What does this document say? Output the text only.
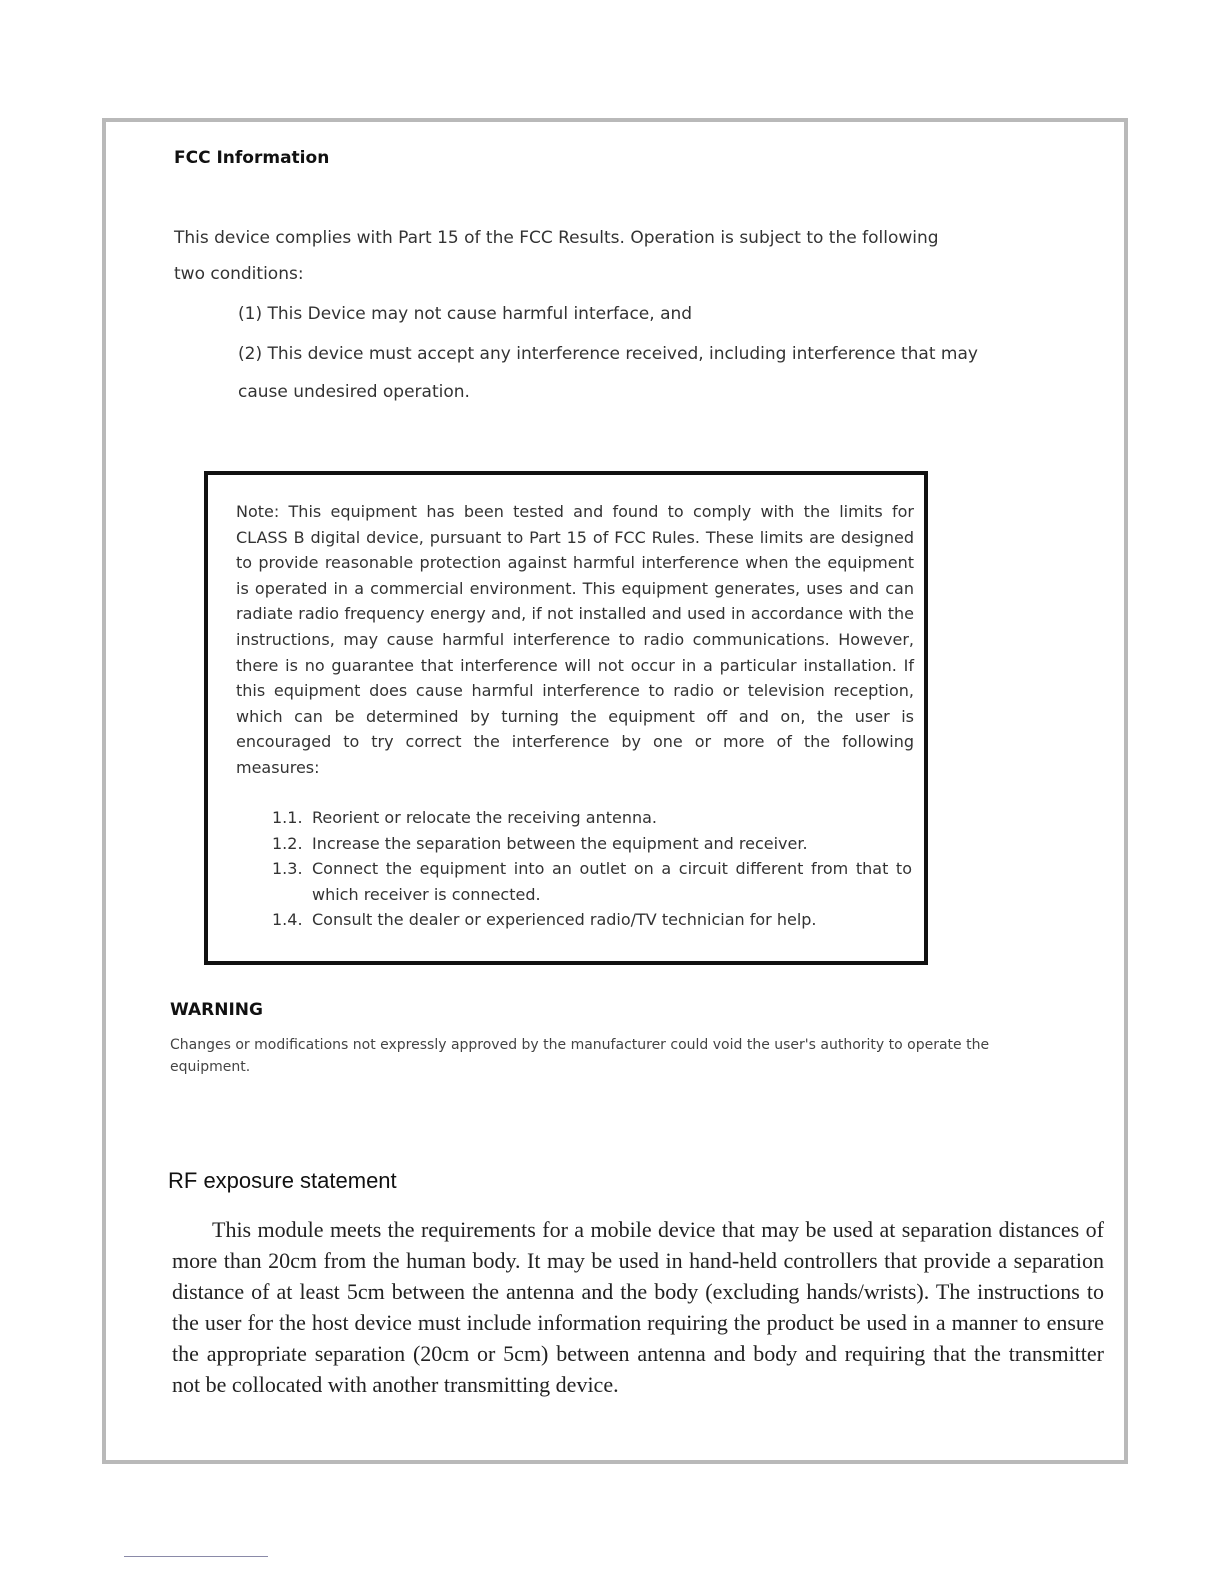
FCC Information

This device complies with Part 15 of the FCC Results. Operation is subject to the following two conditions:

(1) This Device may not cause harmful interface, and

(2) This device must accept any interference received, including interference that may cause undesired operation.

Note: This equipment has been tested and found to comply with the limits for CLASS B digital device, pursuant to Part 15 of FCC Rules. These limits are designed to provide reasonable protection against harmful interference when the equipment is operated in a commercial environment. This equipment generates, uses and can radiate radio frequency energy and, if not installed and used in accordance with the instructions, may cause harmful interference to radio communications. However, there is no guarantee that interference will not occur in a particular installation. If this equipment does cause harmful interference to radio or television reception, which can be determined by turning the equipment off and on, the user is encouraged to try correct the interference by one or more of the following measures:

1.1. Reorient or relocate the receiving antenna.
1.2. Increase the separation between the equipment and receiver.
1.3. Connect the equipment into an outlet on a circuit different from that to which receiver is connected.
1.4. Consult the dealer or experienced radio/TV technician for help.
WARNING

Changes or modifications not expressly approved by the manufacturer could void the user's authority to operate the equipment.

RF exposure statement

This module meets the requirements for a mobile device that may be used at separation distances of more than 20cm from the human body. It may be used in hand-held controllers that provide a separation distance of at least 5cm between the antenna and the body (excluding hands/wrists). The instructions to the user for the host device must include information requiring the product be used in a manner to ensure the appropriate separation (20cm or 5cm) between antenna and body and requiring that the transmitter not be collocated with another transmitting device.
